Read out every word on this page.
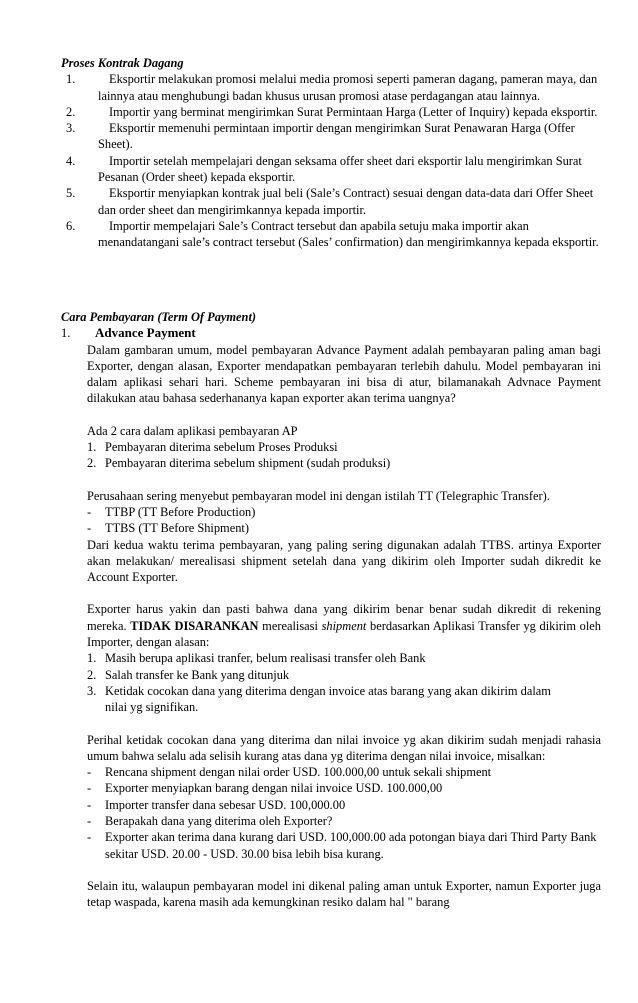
Proses Kontrak Dagang
1.	Eksportir melakukan promosi melalui media promosi seperti pameran dagang, pameran maya, dan lainnya atau menghubungi badan khusus urusan promosi atase perdagangan atau lainnya.
2.	Importir yang berminat mengirimkan Surat Permintaan Harga (Letter of Inquiry) kepada eksportir.
3.	Eksportir memenuhi permintaan importir dengan mengirimkan Surat Penawaran Harga (Offer Sheet).
4.	Importir setelah mempelajari dengan seksama offer sheet dari eksportir lalu mengirimkan Surat Pesanan (Order sheet) kepada eksportir.
5.	Eksportir menyiapkan kontrak jual beli (Sale’s Contract) sesuai dengan data-data dari Offer Sheet dan order sheet dan mengirimkannya kepada importir.
6.	Importir mempelajari Sale’s Contract tersebut dan apabila setuju maka importir akan menandatangani sale’s contract tersebut (Sales’ confirmation) dan mengirimkannya kepada eksportir.
Cara Pembayaran (Term Of Payment)
1. Advance Payment
Dalam gambaran umum, model pembayaran Advance Payment adalah pembayaran paling aman bagi Exporter, dengan alasan, Exporter mendapatkan pembayaran terlebih dahulu. Model pembayaran ini dalam aplikasi sehari hari. Scheme pembayaran ini bisa di atur, bilamanakah Advnace Payment dilakukan atau bahasa sederhananya kapan exporter akan terima uangnya?
Ada 2 cara dalam aplikasi pembayaran AP
1. Pembayaran diterima sebelum Proses Produksi
2. Pembayaran diterima sebelum shipment (sudah produksi)
Perusahaan sering menyebut pembayaran model ini dengan istilah TT (Telegraphic Transfer).
- TTBP (TT Before Production)
- TTBS (TT Before Shipment)
Dari kedua waktu terima pembayaran, yang paling sering digunakan adalah TTBS. artinya Exporter akan melakukan/ merealisasi shipment setelah dana yang dikirim oleh Importer sudah dikredit ke Account Exporter.
Exporter harus yakin dan pasti bahwa dana yang dikirim benar benar sudah dikredit di rekening mereka. TIDAK DISARANKAN merealisasi shipment berdasarkan Aplikasi Transfer yg dikirim oleh Importer, dengan alasan:
1. Masih berupa aplikasi tranfer, belum realisasi transfer oleh Bank
2. Salah transfer ke Bank yang ditunjuk
3. Ketidak cocokan dana yang diterima dengan invoice atas barang yang akan dikirim dalam nilai yg signifikan.
Perihal ketidak cocokan dana yang diterima dan nilai invoice yg akan dikirim sudah menjadi rahasia umum bahwa selalu ada selisih kurang atas dana yg diterima dengan nilai invoice, misalkan:
- Rencana shipment dengan nilai order USD. 100.000,00 untuk sekali shipment
- Exporter menyiapkan barang dengan nilai invoice USD. 100.000,00
- Importer transfer dana sebesar USD. 100,000.00
- Berapakah dana yang diterima oleh Exporter?
- Exporter akan terima dana kurang dari USD. 100,000.00 ada potongan biaya dari Third Party Bank sekitar USD. 20.00 - USD. 30.00 bisa lebih bisa kurang.
Selain itu, walaupun pembayaran model ini dikenal paling aman untuk Exporter, namun Exporter juga tetap waspada, karena masih ada kemungkinan resiko dalam hal " barang
